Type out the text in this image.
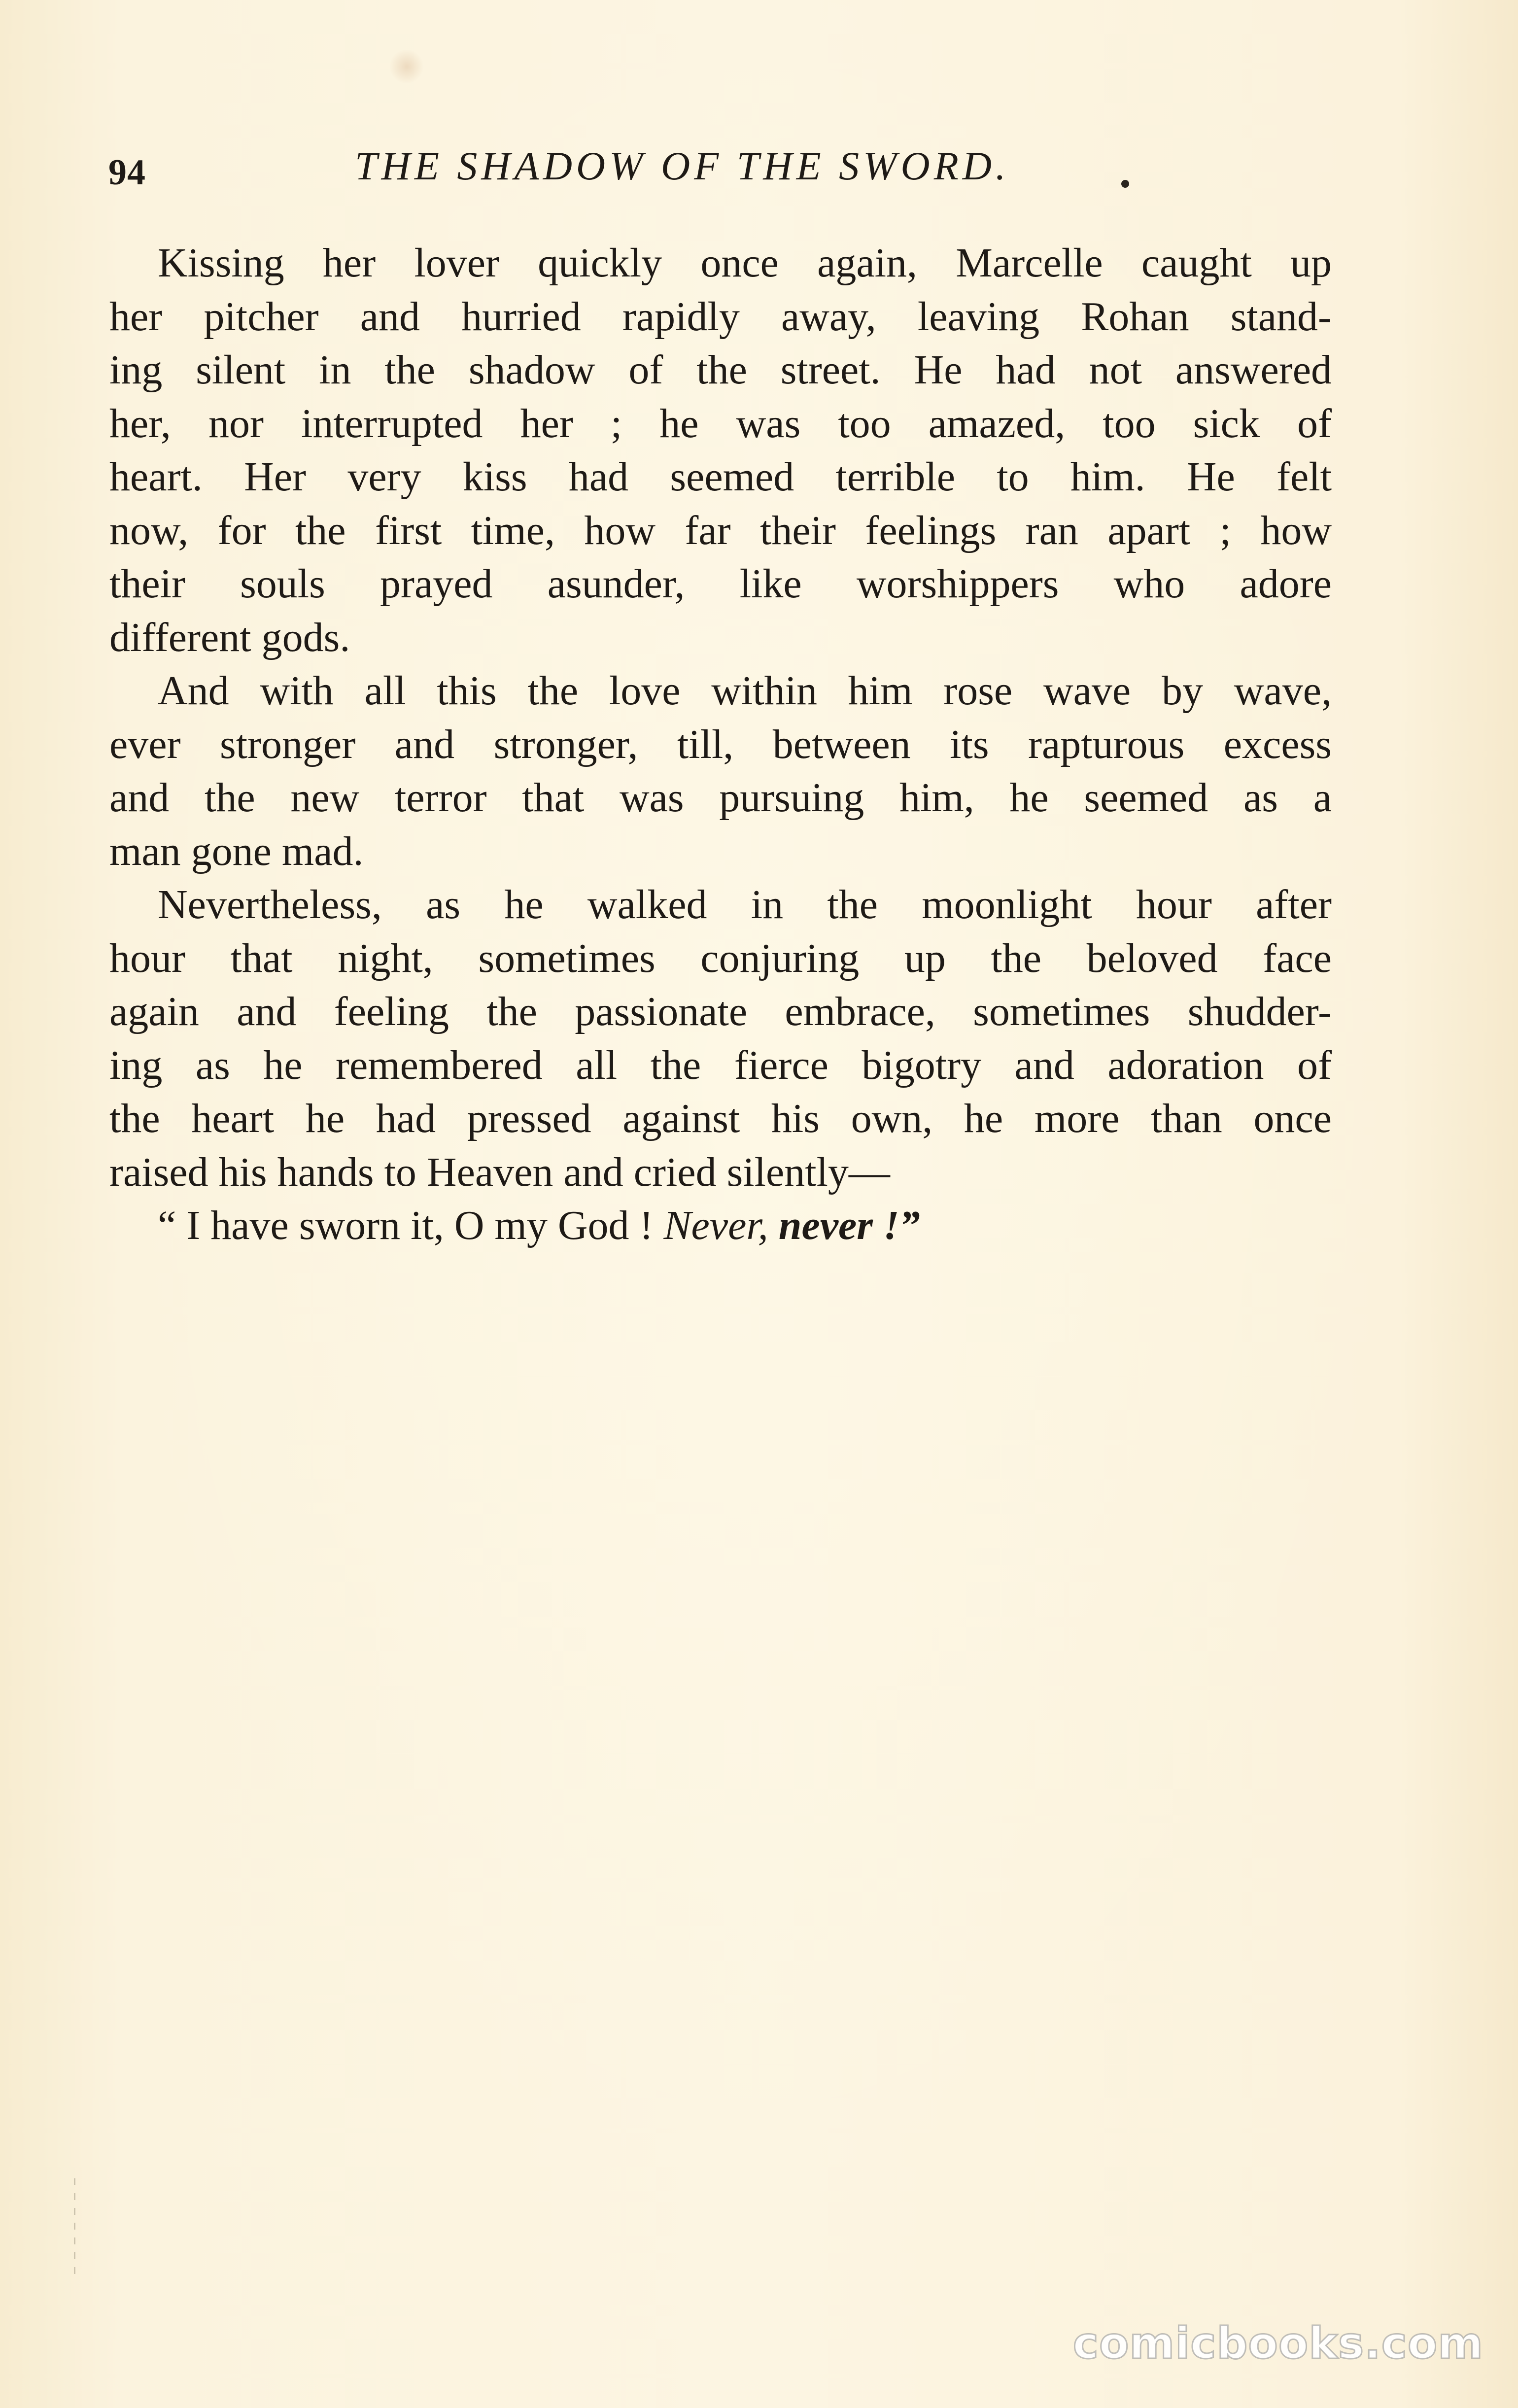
94	THE SHADOW OF THE SWORD.
Kissing her lover quickly once again, Marcelle caught up
her pitcher and hurried rapidly away, leaving Rohan stand-
ing silent in the shadow of the street. He had not answered
her, nor interrupted her ; he was too amazed, too sick of
heart. Her very kiss had seemed terrible to him. He felt
now, for the first time, how far their feelings ran apart ; how
their souls prayed asunder, like worshippers who adore
different gods.
And with all this the love within him rose wave by wave,
ever stronger and stronger, till, between its rapturous excess
and the new terror that was pursuing him, he seemed as a
man gone mad.
Nevertheless, as he walked in the moonlight hour after
hour that night, sometimes conjuring up the beloved face
again and feeling the passionate embrace, sometimes shudder-
ing as he remembered all the fierce bigotry and adoration of
the heart he had pressed against his own, he more than once
raised his hands to Heaven and cried silently—
“ I have sworn it, O my God ! Never, never !”
comicbooks.com
